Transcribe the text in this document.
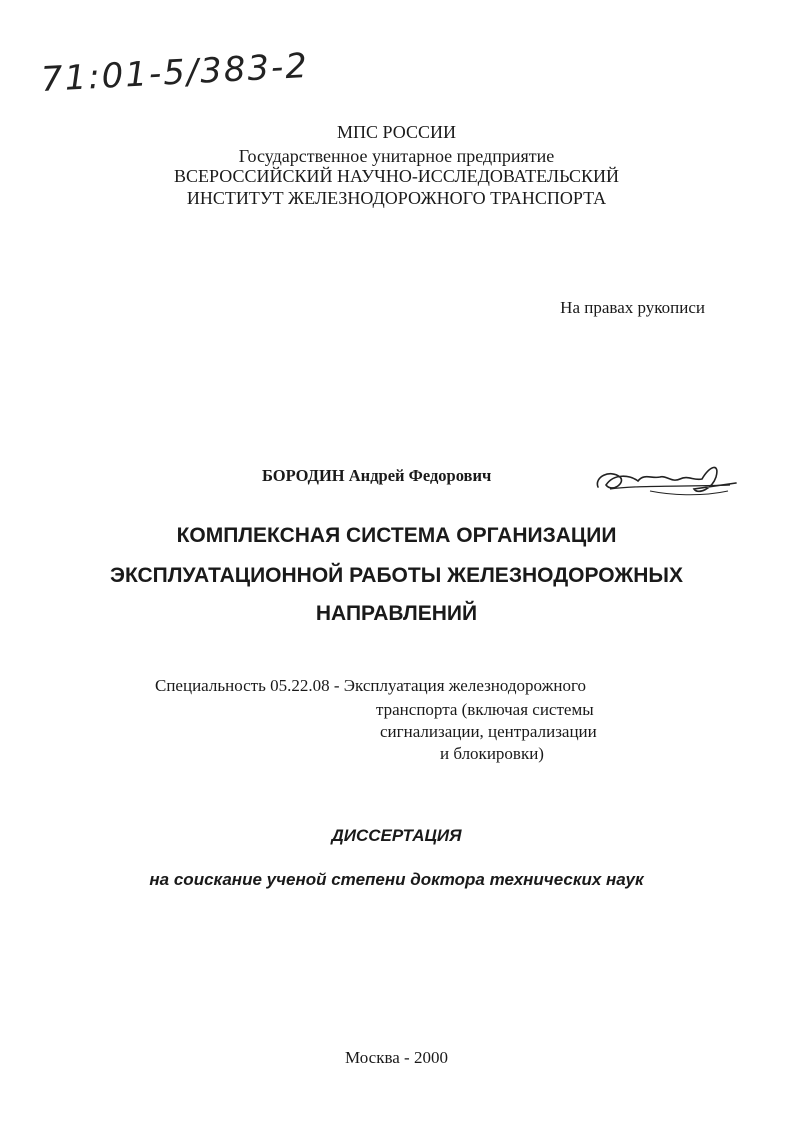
71:01-5/383-2
МПС РОССИИ
Государственное унитарное предприятие
ВСЕРОССИЙСКИЙ НАУЧНО-ИССЛЕДОВАТЕЛЬСКИЙ
ИНСТИТУТ ЖЕЛЕЗНОДОРОЖНОГО ТРАНСПОРТА
На правах рукописи
БОРОДИН Андрей Федорович
КОМПЛЕКСНАЯ СИСТЕМА ОРГАНИЗАЦИИ
ЭКСПЛУАТАЦИОННОЙ РАБОТЫ ЖЕЛЕЗНОДОРОЖНЫХ
НАПРАВЛЕНИЙ
Специальность 05.22.08 - Эксплуатация железнодорожного
транспорта (включая системы
сигнализации, централизации
и блокировки)
ДИССЕРТАЦИЯ
на соискание ученой степени доктора технических наук
Москва - 2000
